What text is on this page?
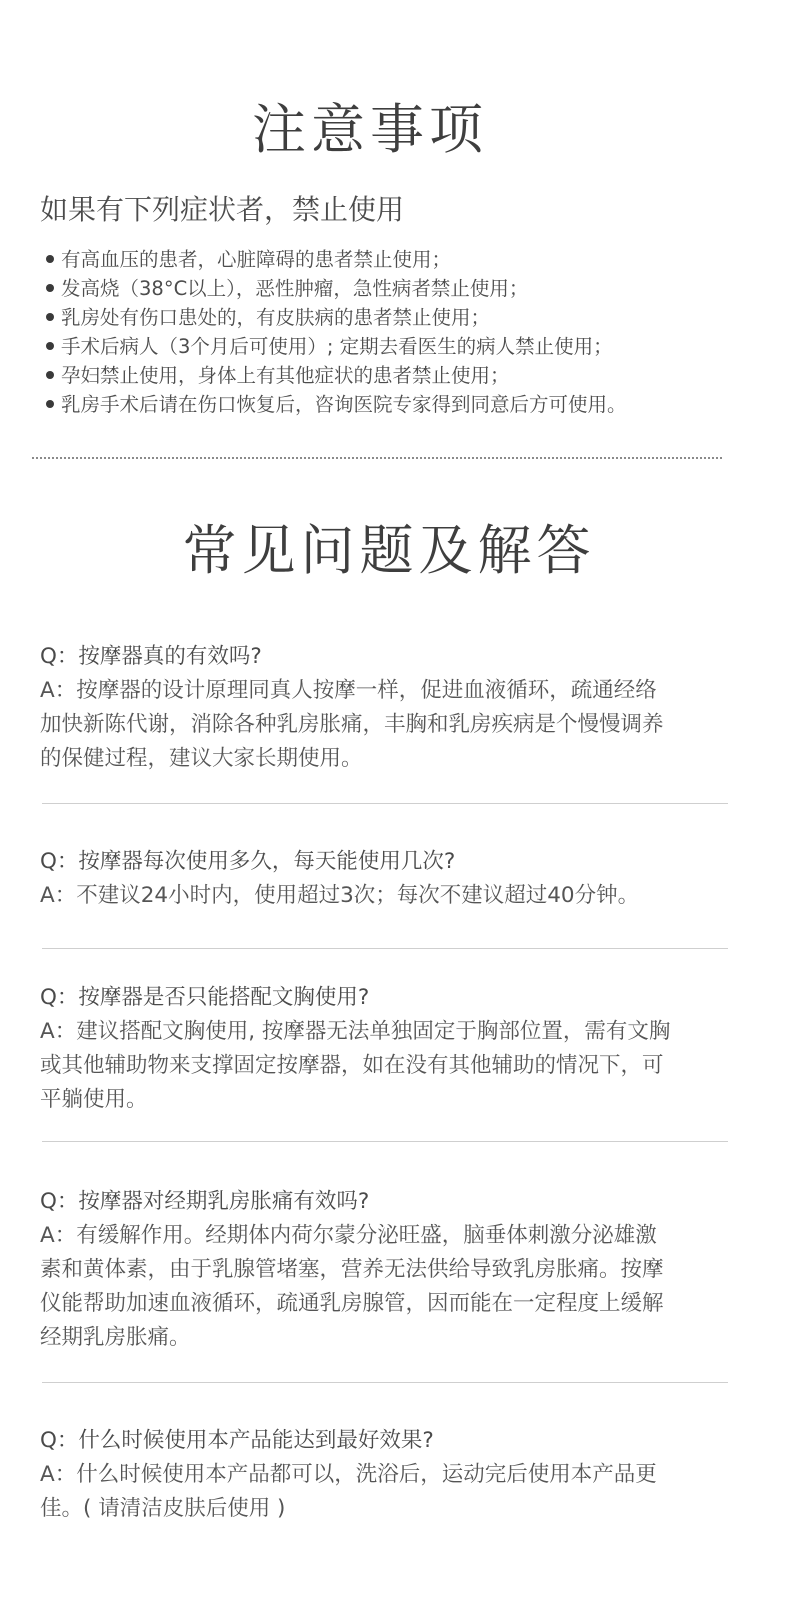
注意事项
如果有下列症状者，禁止使用
有高血压的患者，心脏障碍的患者禁止使用；
发高烧（38°C以上），恶性肿瘤，急性病者禁止使用；
乳房处有伤口患处的，有皮肤病的患者禁止使用；
手术后病人（3个月后可使用）; 定期去看医生的病人禁止使用；
孕妇禁止使用，身体上有其他症状的患者禁止使用；
乳房手术后请在伤口恢复后，咨询医院专家得到同意后方可使用。
常见问题及解答
Q：按摩器真的有效吗?
A：按摩器的设计原理同真人按摩一样，促进血液循环，疏通经络
加快新陈代谢，消除各种乳房胀痛，丰胸和乳房疾病是个慢慢调养
的保健过程，建议大家长期使用。
Q：按摩器每次使用多久，每天能使用几次?
A：不建议24小时内，使用超过3次；每次不建议超过40分钟。
Q：按摩器是否只能搭配文胸使用?
A：建议搭配文胸使用, 按摩器无法单独固定于胸部位置，需有文胸
或其他辅助物来支撑固定按摩器，如在没有其他辅助的情况下，可
平躺使用。
Q：按摩器对经期乳房胀痛有效吗?
A：有缓解作用。经期体内荷尔蒙分泌旺盛，脑垂体刺激分泌雄激
素和黄体素，由于乳腺管堵塞，营养无法供给导致乳房胀痛。按摩
仪能帮助加速血液循环，疏通乳房腺管，因而能在一定程度上缓解
经期乳房胀痛。
Q：什么时候使用本产品能达到最好效果?
A：什么时候使用本产品都可以，洗浴后，运动完后使用本产品更
佳。( 请清洁皮肤后使用 )
